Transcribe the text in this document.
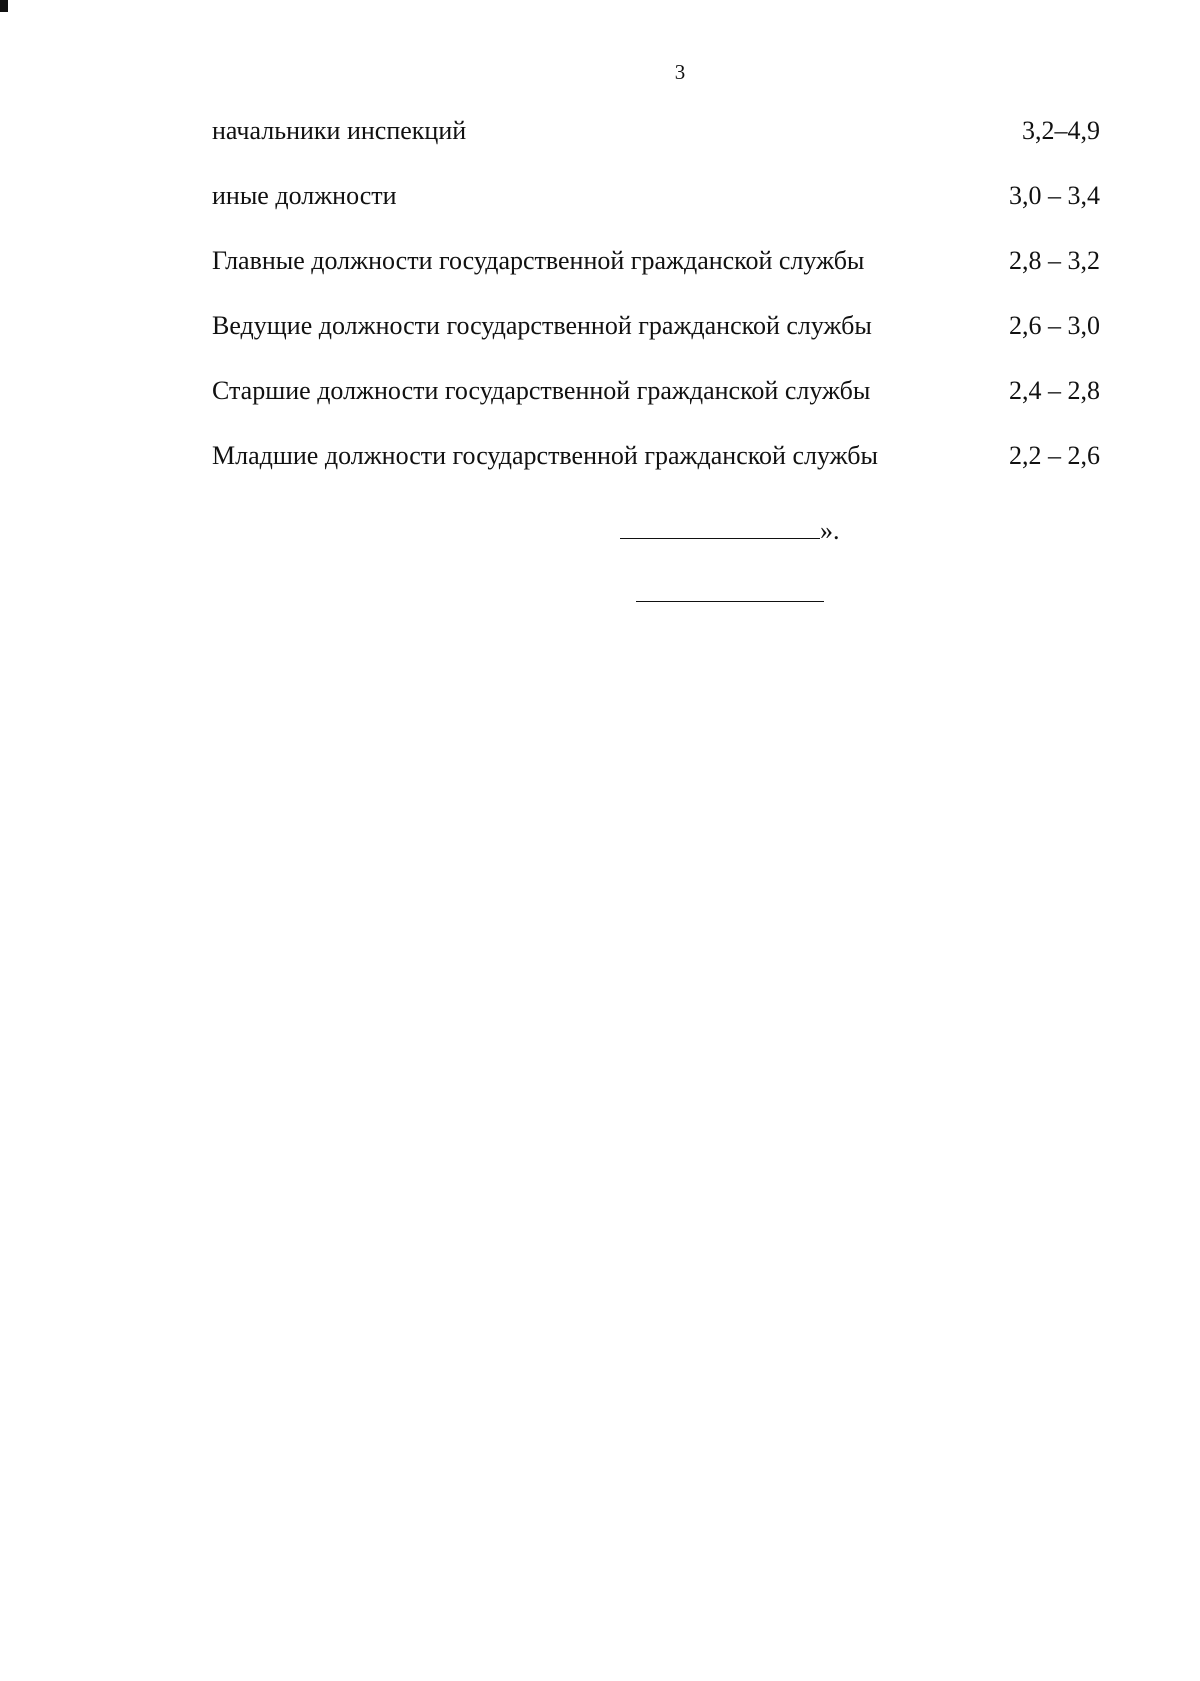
3
начальники инспекций	3,2–4,9
иные должности	3,0 – 3,4
Главные должности государственной гражданской службы	2,8 – 3,2
Ведущие должности государственной гражданской службы	2,6 – 3,0
Старшие должности государственной гражданской службы	2,4 – 2,8
Младшие должности государственной гражданской службы	2,2 – 2,6
».
